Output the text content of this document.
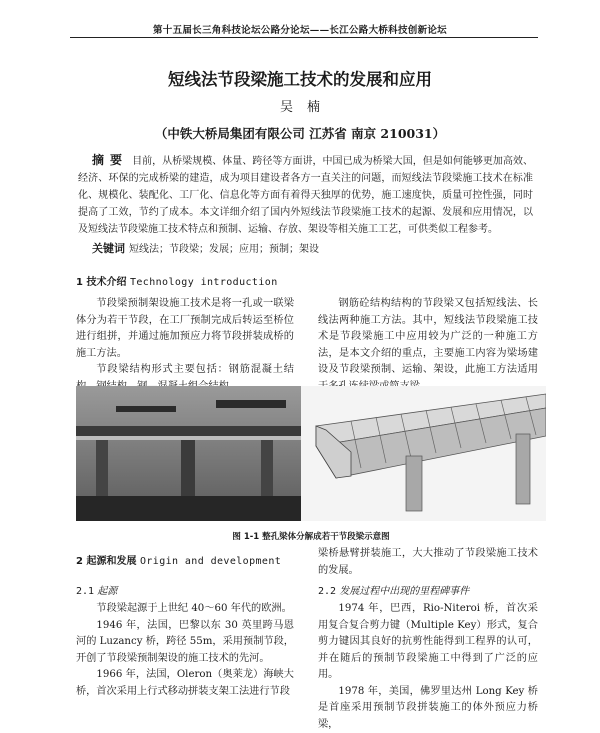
第十五届长三角科技论坛公路分论坛——长江公路大桥科技创新论坛
短线法节段梁施工技术的发展和应用
吴楠
（中铁大桥局集团有限公司 江苏省 南京 210031）
摘要 目前，从桥梁规模、体量、跨径等方面讲，中国已成为桥梁大国，但是如何能够更加高效、经济、环保的完成桥梁的建造，成为项目建设者各方一直关注的问题，而短线法节段梁施工技术在标准化、规模化、装配化、工厂化、信息化等方面有着得天独厚的优势，施工速度快，质量可控性强，同时提高了工效，节约了成本。本文详细介绍了国内外短线法节段梁施工技术的起源、发展和应用情况，以及短线法节段梁施工技术特点和预制、运输、存放、架设等相关施工工艺，可供类似工程参考。
关键词 短线法；节段梁；发展；应用；预制；架设
1 技术介绍 Technology introduction

节段梁预制架设施工技术是将一孔或一联梁体分为若干节段，在工厂预制完成后转运至桥位进行组拼，并通过施加预应力将节段拼装成桥的施工方法。

节段梁结构形式主要包括：钢筋混凝土结

钢筋砼结构结构的节段梁又包括短线法、长线法两种施工方法。其中，短线法节段梁施工技术是节段梁施工中应用较为广泛的一种施工方法，是本文介绍的重点，主要施工内容为梁场建设及节段梁预制、运输、架设，此施工方法适用

图 1-1 整孔梁体分解成若干节段梁示意图
2 起源和发展 Origin and development

梁桥悬臂拼装施工，大大推动了节段梁施工技术的发展。

2.1 起源

节段梁起源于上世纪 40～60 年代的欧洲。

1946 年，法国，巴黎以东 30 英里跨马恩河的 Luzancy 桥，跨径 55m，采用预制节段，开创了节段梁预制架设的施工技术的先河。

1966 年，法国，Oleron（奥莱龙）海峡大桥，首次采用上行式移动拼装支架工法进行节段

2.2 发展过程中出现的里程碑事件

1974 年，巴西，Rio-Niteroi 桥，首次采用复合复合剪力键（Multiple Key）形式，复合剪力键因其良好的抗剪性能得到工程界的认可，并在随后的预制节段梁施工中得到了广泛的应用。

1978 年，美国，佛罗里达州 Long Key 桥是首座采用预制节段拼装施工的体外预应力桥梁，
